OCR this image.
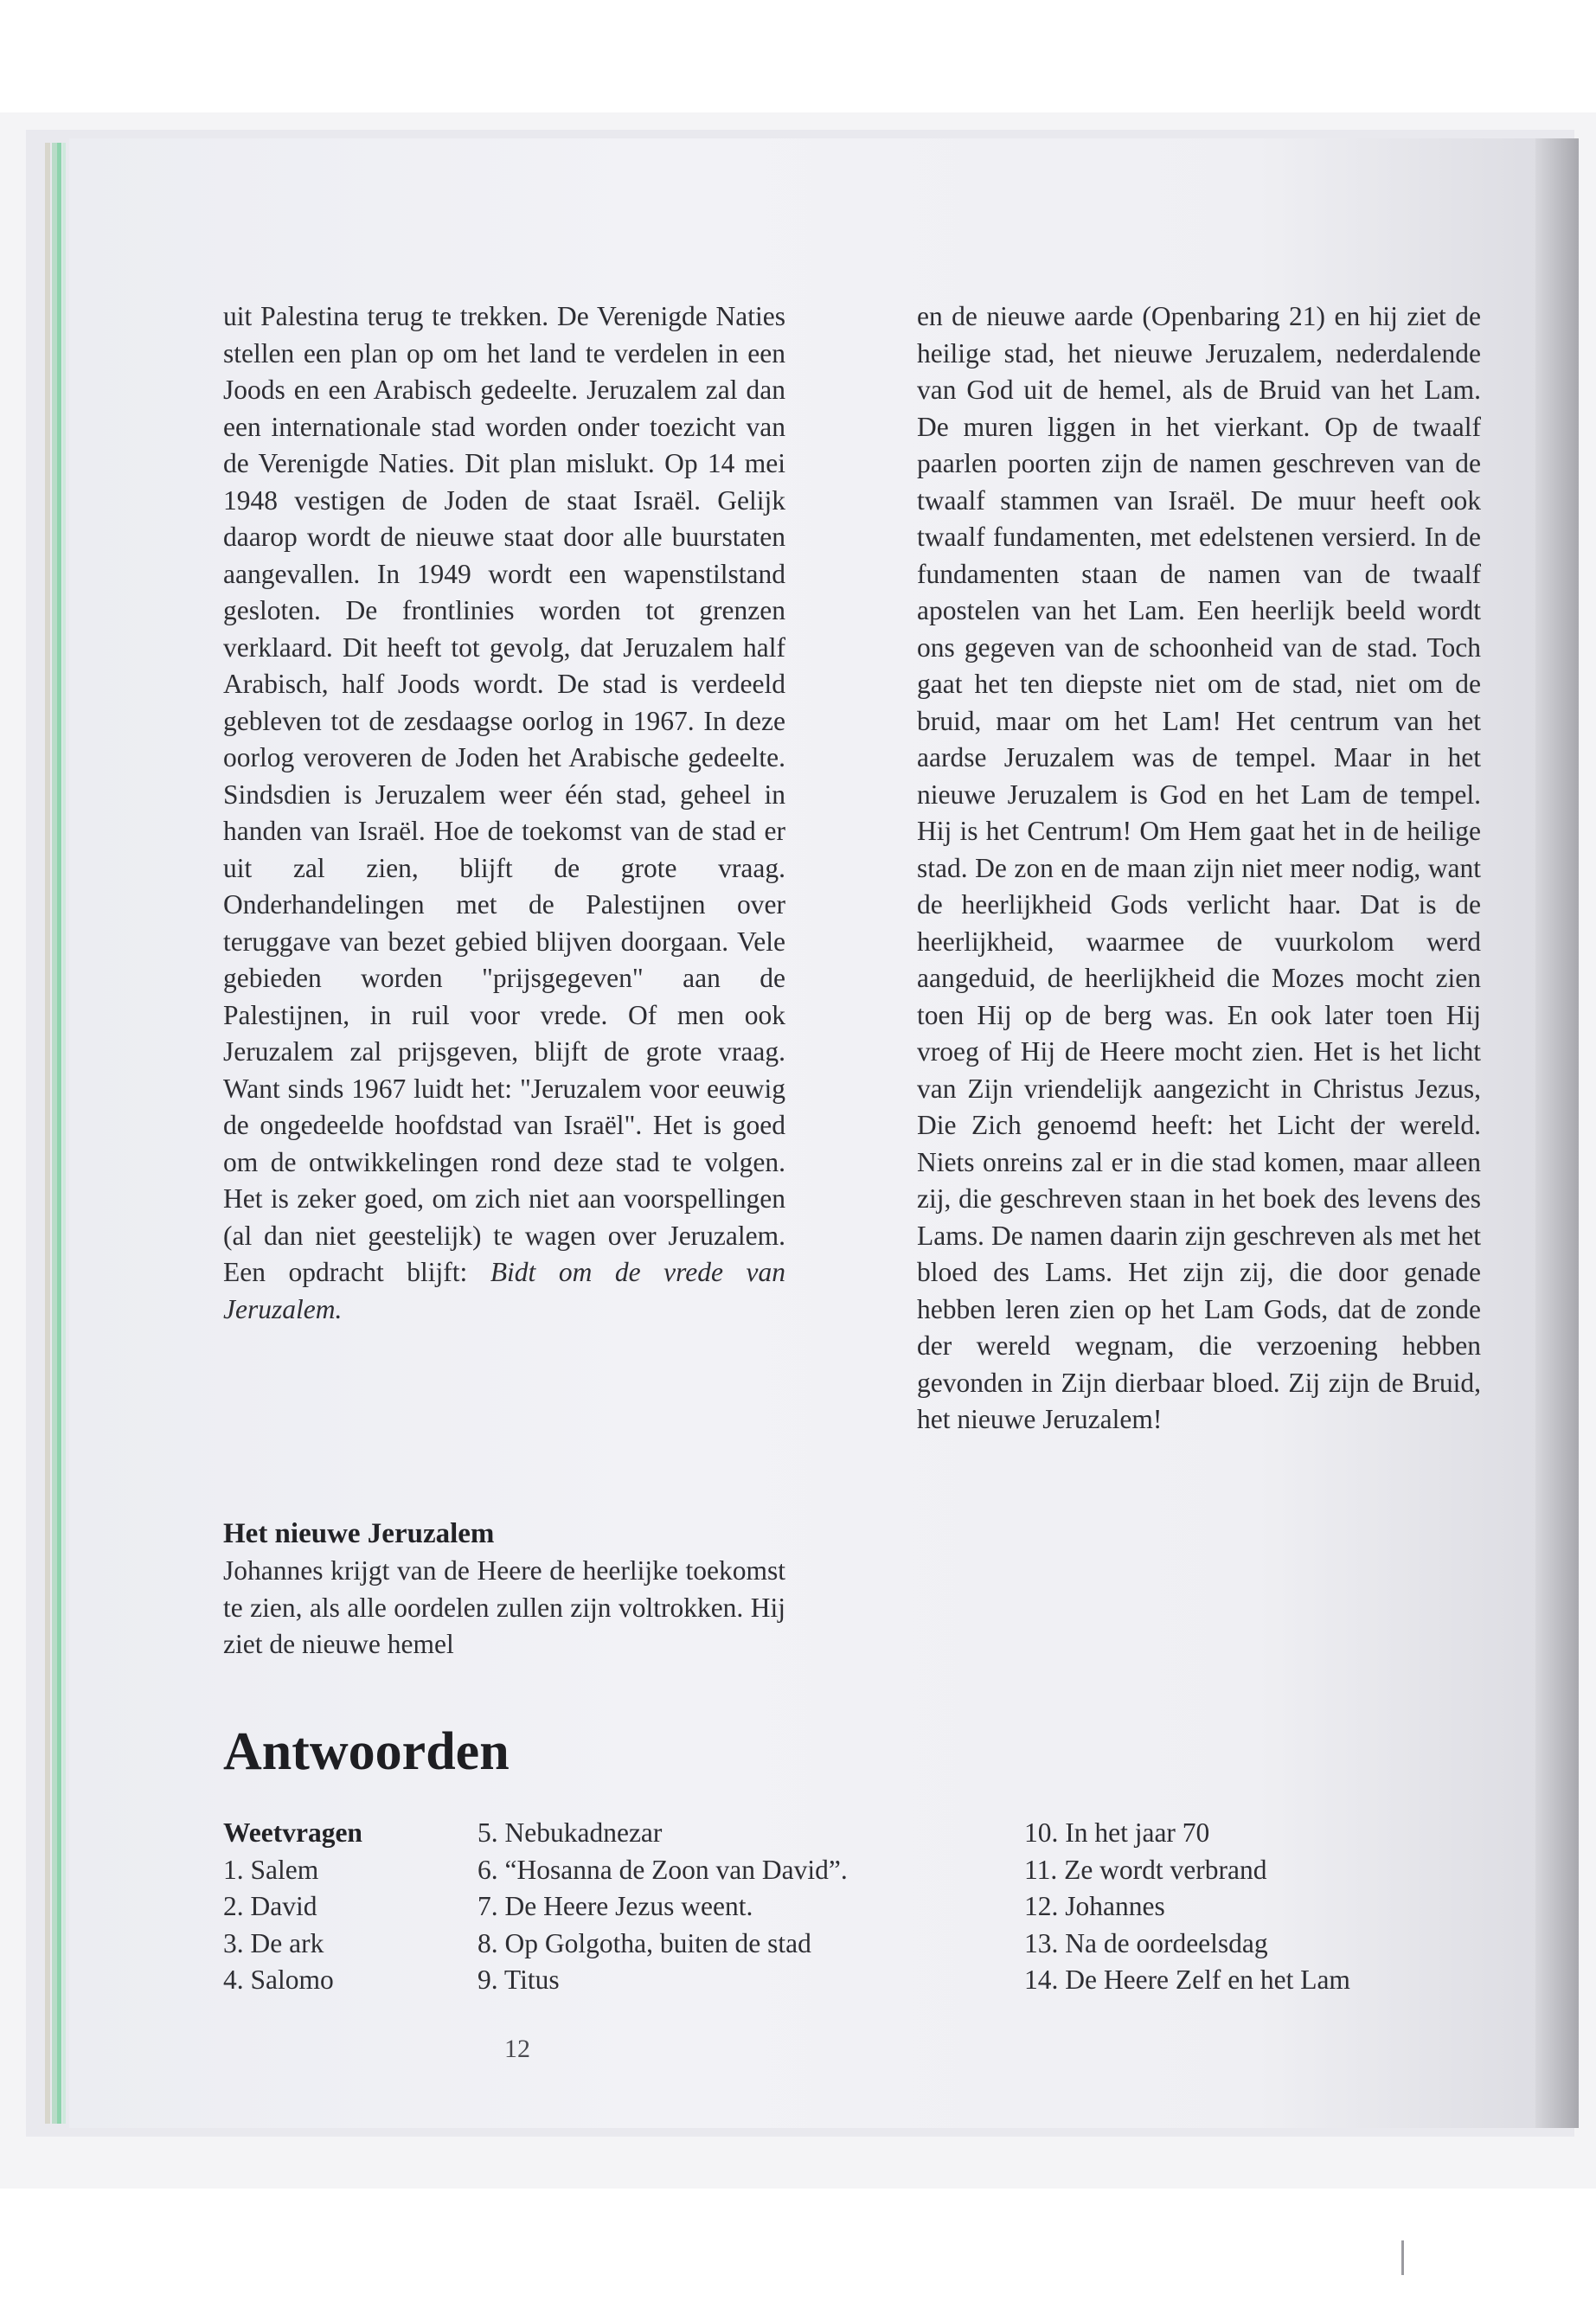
uit Palestina terug te trekken. De Verenigde Naties stellen een plan op om het land te verdelen in een Joods en een Arabisch gedeelte. Jeruzalem zal dan een internationale stad worden onder toezicht van de Verenigde Naties. Dit plan mislukt. Op 14 mei 1948 vestigen de Joden de staat Israël. Gelijk daarop wordt de nieuwe staat door alle buurstaten aangevallen. In 1949 wordt een wapenstilstand gesloten. De frontlinies worden tot grenzen verklaard. Dit heeft tot gevolg, dat Jeruzalem half Arabisch, half Joods wordt. De stad is verdeeld gebleven tot de zesdaagse oorlog in 1967. In deze oorlog veroveren de Joden het Arabische gedeelte. Sindsdien is Jeruzalem weer één stad, geheel in handen van Israël. Hoe de toekomst van de stad er uit zal zien, blijft de grote vraag. Onderhandelingen met de Palestijnen over teruggave van bezet gebied blijven doorgaan. Vele gebieden worden "prijsgegeven" aan de Palestijnen, in ruil voor vrede. Of men ook Jeruzalem zal prijsgeven, blijft de grote vraag. Want sinds 1967 luidt het: "Jeruzalem voor eeuwig de ongedeelde hoofdstad van Israël". Het is goed om de ontwikkelingen rond deze stad te volgen. Het is zeker goed, om zich niet aan voorspellingen (al dan niet geestelijk) te wagen over Jeruzalem. Een opdracht blijft: Bidt om de vrede van Jeruzalem.

Het nieuwe Jeruzalem

Johannes krijgt van de Heere de heerlijke toekomst te zien, als alle oordelen zullen zijn voltrokken. Hij ziet de nieuwe hemel

en de nieuwe aarde (Openbaring 21) en hij ziet de heilige stad, het nieuwe Jeruzalem, nederdalende van God uit de hemel, als de Bruid van het Lam. De muren liggen in het vierkant. Op de twaalf paarlen poorten zijn de namen geschreven van de twaalf stammen van Israël. De muur heeft ook twaalf fundamenten, met edelstenen versierd. In de fundamenten staan de namen van de twaalf apostelen van het Lam. Een heerlijk beeld wordt ons gegeven van de schoonheid van de stad. Toch gaat het ten diepste niet om de stad, niet om de bruid, maar om het Lam! Het centrum van het aardse Jeruzalem was de tempel. Maar in het nieuwe Jeruzalem is God en het Lam de tempel. Hij is het Centrum! Om Hem gaat het in de heilige stad. De zon en de maan zijn niet meer nodig, want de heerlijkheid Gods verlicht haar. Dat is de heerlijkheid, waarmee de vuurkolom werd aangeduid, de heerlijkheid die Mozes mocht zien toen Hij op de berg was. En ook later toen Hij vroeg of Hij de Heere mocht zien. Het is het licht van Zijn vriendelijk aangezicht in Christus Jezus, Die Zich genoemd heeft: het Licht der wereld. Niets onreins zal er in die stad komen, maar alleen zij, die geschreven staan in het boek des levens des Lams. De namen daarin zijn geschreven als met het bloed des Lams. Het zijn zij, die door genade hebben leren zien op het Lam Gods, dat de zonde der wereld wegnam, die verzoening hebben gevonden in Zijn dierbaar bloed. Zij zijn de Bruid, het nieuwe Jeruzalem!

Antwoorden
Weetvragen
1. Salem
2. David
3. De ark
4. Salomo
5. Nebukadnezar
6. “Hosanna de Zoon van David”.
7. De Heere Jezus weent.
8. Op Golgotha, buiten de stad
9. Titus
10. In het jaar 70
11. Ze wordt verbrand
12. Johannes
13. Na de oordeelsdag
14. De Heere Zelf en het Lam
12
